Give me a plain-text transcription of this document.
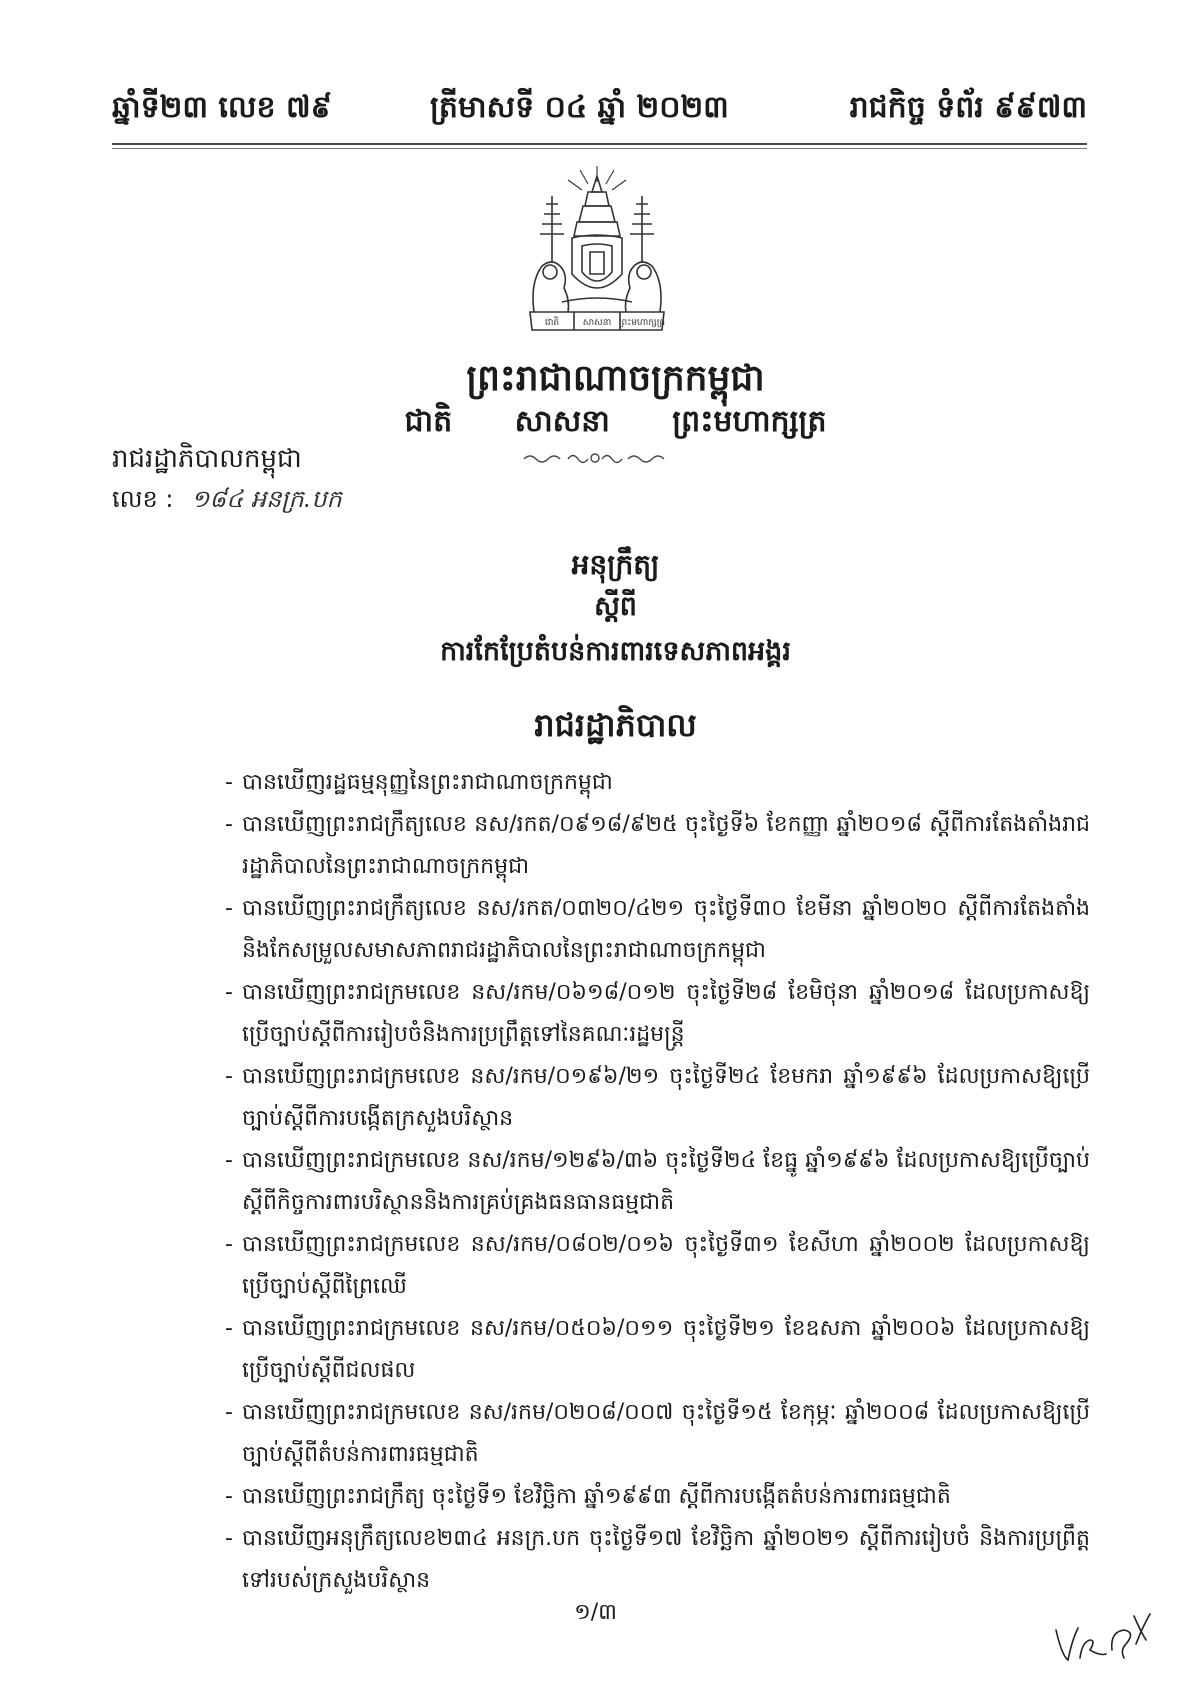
ឆ្នាំទី២៣ លេខ ៧៩	ត្រីមាសទី ០៤ ឆ្នាំ ២០២៣	រាជកិច្ច ទំព័រ ៩៩៧៣
ជាតិ	សាសនា ព្រះមហាក្សត្រ
ព្រះរាជាណាចក្រកម្ពុជា
ជាតិ សាសនា ព្រះមហាក្សត្រ
រាជរដ្ឋាភិបាលកម្ពុជា
លេខ : ១៨៤ អនក្រ.បក
អនុក្រឹត្យ
ស្ដីពី
ការកែប្រែតំបន់ការពារទេសភាពអង្គរ
រាជរដ្ឋាភិបាល
- បានឃើញរដ្ឋធម្មនុញ្ញនៃព្រះរាជាណាចក្រកម្ពុជា
- បានឃើញព្រះរាជក្រឹត្យលេខ នស/រកត/០៩១៨/៩២៥ ចុះថ្ងៃទី៦ ខែកញ្ញា ឆ្នាំ២០១៨ ស្តីពីការតែងតាំងរាជរដ្ឋាភិបាលនៃព្រះរាជាណាចក្រកម្ពុជា
- បានឃើញព្រះរាជក្រឹត្យលេខ នស/រកត/០៣២០/៤២១ ចុះថ្ងៃទី៣០ ខែមីនា ឆ្នាំ២០២០ ស្តីពីការតែងតាំងនិងកែសម្រួលសមាសភាពរាជរដ្ឋាភិបាលនៃព្រះរាជាណាចក្រកម្ពុជា
- បានឃើញព្រះរាជក្រមលេខ នស/រកម/០៦១៨/០១២ ចុះថ្ងៃទី២៨ ខែមិថុនា ឆ្នាំ២០១៨ ដែលប្រកាសឱ្យប្រើច្បាប់ស្តីពីការរៀបចំនិងការប្រព្រឹត្តទៅនៃគណៈរដ្ឋមន្ត្រី
- បានឃើញព្រះរាជក្រមលេខ នស/រកម/០១៩៦/២១ ចុះថ្ងៃទី២៤ ខែមករា ឆ្នាំ១៩៩៦ ដែលប្រកាសឱ្យប្រើច្បាប់ស្តីពីការបង្កើតក្រសួងបរិស្ថាន
- បានឃើញព្រះរាជក្រមលេខ នស/រកម/១២៩៦/៣៦ ចុះថ្ងៃទី២៤ ខែធ្នូ ឆ្នាំ១៩៩៦ ដែលប្រកាសឱ្យប្រើច្បាប់ស្តីពីកិច្ចការពារបរិស្ថាននិងការគ្រប់គ្រងធនធានធម្មជាតិ
- បានឃើញព្រះរាជក្រមលេខ នស/រកម/០៨០២/០១៦ ចុះថ្ងៃទី៣១ ខែសីហា ឆ្នាំ២០០២ ដែលប្រកាសឱ្យប្រើច្បាប់ស្តីពីព្រៃឈើ
- បានឃើញព្រះរាជក្រមលេខ នស/រកម/០៥០៦/០១១ ចុះថ្ងៃទី២១ ខែឧសភា ឆ្នាំ២០០៦ ដែលប្រកាសឱ្យប្រើច្បាប់ស្តីពីជលផល
- បានឃើញព្រះរាជក្រមលេខ នស/រកម/០២០៨/០០៧ ចុះថ្ងៃទី១៥ ខែកុម្ភៈ ឆ្នាំ២០០៨ ដែលប្រកាសឱ្យប្រើច្បាប់ស្តីពីតំបន់ការពារធម្មជាតិ
- បានឃើញព្រះរាជក្រឹត្យ ចុះថ្ងៃទី១ ខែវិច្ឆិកា ឆ្នាំ១៩៩៣ ស្តីពីការបង្កើតតំបន់ការពារធម្មជាតិ
- បានឃើញអនុក្រឹត្យលេខ២៣៤ អនក្រ.បក ចុះថ្ងៃទី១៧ ខែវិច្ឆិកា ឆ្នាំ២០២១ ស្តីពីការរៀបចំ និងការប្រព្រឹត្តទៅរបស់ក្រសួងបរិស្ថាន
១/៣
